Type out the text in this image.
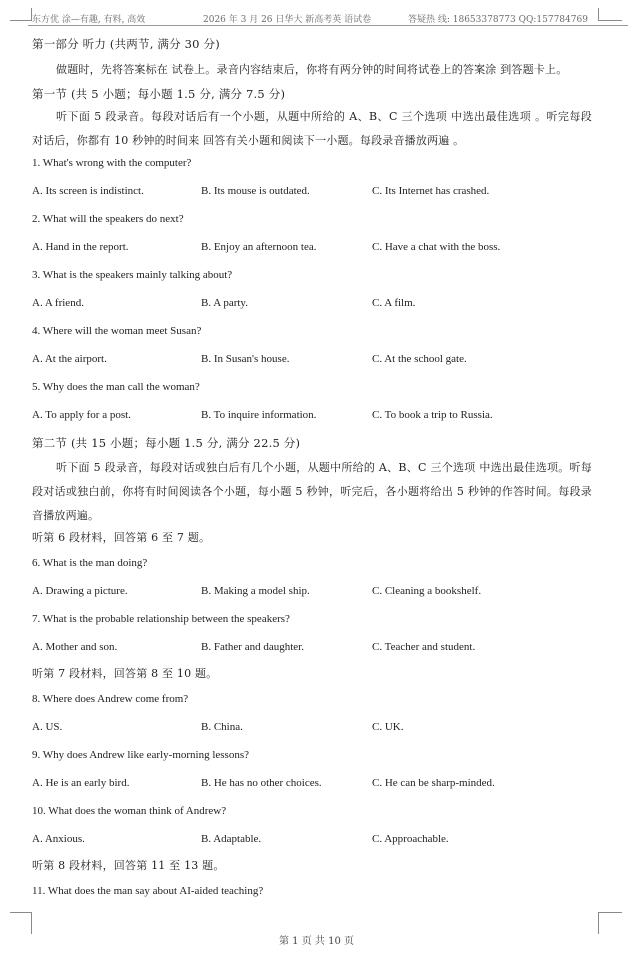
东方优 涂—有趣, 有料, 高效	2026 年 3 月 26 日华大 新高考英 语试卷	答疑热 线: 18653378773 QQ:157784769
第一部分 听力 (共两节, 满分 30 分)
做题时，先将答案标在 试卷上。录音内容结束后，你将有两分钟的时间将试卷上的答案涂 到答题卡上。
第一节 (共 5 小题；每小题 1.5 分, 满分 7.5 分)
听下面 5 段录音。每段对话后有一个小题，从题中所给的 A、B、C 三个选项 中选出最佳选项 。听完每段对话后，你都有 10 秒钟的时间来 回答有关小题和阅读下一小题。每段录音播放两遍 。
1. What's wrong with the computer?
A. Its screen is indistinct.	B. Its mouse is outdated.	C. Its Internet has crashed.
2. What will the speakers do next?
A. Hand in the report.	B. Enjoy an afternoon tea.	C. Have a chat with the boss.
3. What is the speakers mainly talking about?
A. A friend.	B. A party.	C. A film.
4. Where will the woman meet Susan?
A. At the airport.	B. In Susan's house.	C. At the school gate.
5. Why does the man call the woman?
A. To apply for a post.	B. To inquire information.	C. To book a trip to Russia.
第二节 (共 15 小题；每小题 1.5 分, 满分 22.5 分)
听下面 5 段录音，每段对话或独白后有几个小题，从题中所给的 A、B、C 三个选项 中选出最佳选项。听每段对话或独白前，你将有时间阅读各个小题，每小题 5 秒钟，听完后，各小题将给出 5 秒钟的作答时间。每段录音播放两遍。
听第 6 段材料，回答第 6 至 7 题。
6. What is the man doing?
A. Drawing a picture.	B. Making a model ship.	C. Cleaning a bookshelf.
7. What is the probable relationship between the speakers?
A. Mother and son.	B. Father and daughter.	C. Teacher and student.
听第 7 段材料，回答第 8 至 10 题。
8. Where does Andrew come from?
A. US.	B. China.	C. UK.
9. Why does Andrew like early-morning lessons?
A. He is an early bird.	B. He has no other choices.	C. He can be sharp-minded.
10. What does the woman think of Andrew?
A. Anxious.	B. Adaptable.	C. Approachable.
听第 8 段材料，回答第 11 至 13 题。
11. What does the man say about AI-aided teaching?
第 1 页 共 10 页
